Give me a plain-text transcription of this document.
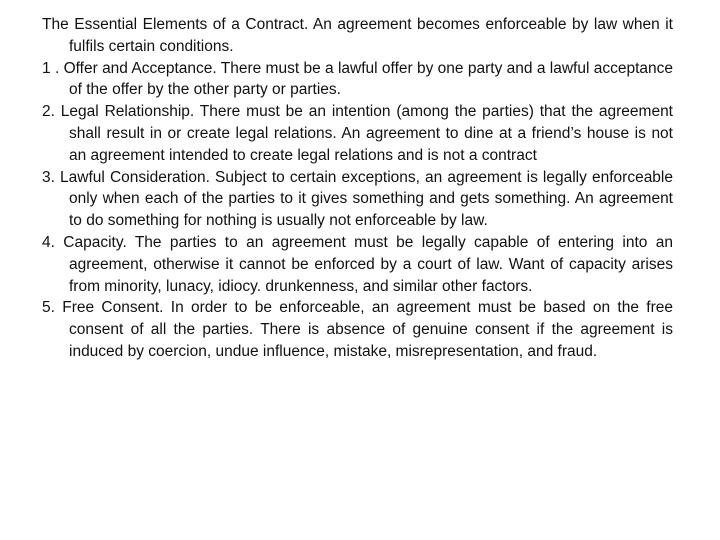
The Essential Elements of a Contract. An agreement becomes enforceable by law when it fulfils certain conditions.

1 . Offer and Acceptance. There must be a lawful offer by one party and a lawful acceptance of the offer by the other party or parties.

2. Legal Relationship. There must be an intention (among the parties) that the agreement shall result in or create legal relations. An agreement to dine at a friend’s house is not an agreement intended to create legal relations and is not a contract

3. Lawful Consideration. Subject to certain exceptions, an agreement is legally enforceable only when each of the parties to it gives something and gets something. An agreement to do something for nothing is usually not enforceable by law.

4. Capacity. The parties to an agreement must be legally capable of entering into an agreement, otherwise it cannot be enforced by a court of law. Want of capacity arises from minority, lunacy, idiocy. drunkenness, and similar other factors.

5. Free Consent. In order to be enforceable, an agreement must be based on the free consent of all the parties. There is absence of genuine consent if the agreement is induced by coercion, undue influence, mistake, misrepresentation, and fraud.
